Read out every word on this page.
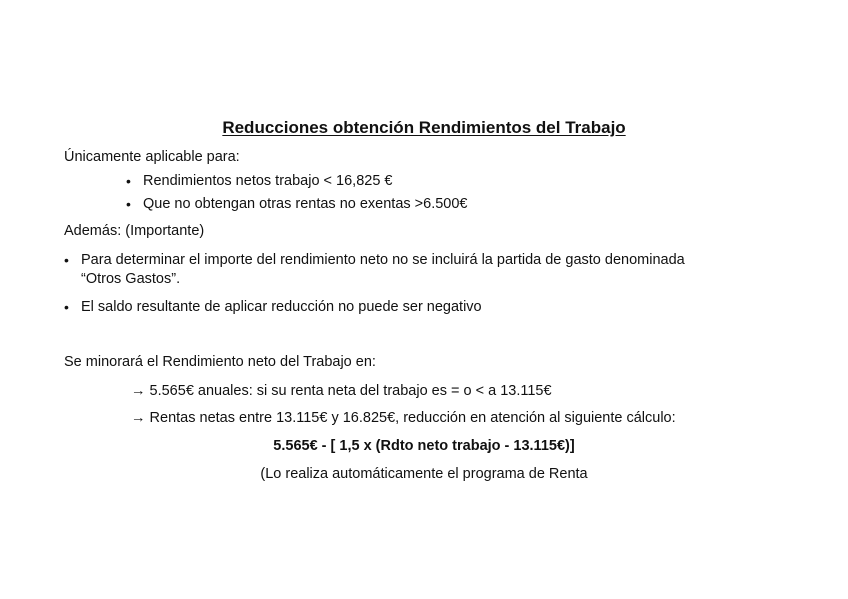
Reducciones obtención Rendimientos del Trabajo
Únicamente aplicable para:
• Rendimientos netos trabajo < 16,825 €
• Que no obtengan otras rentas no exentas >6.500€
Además: (Importante)
• Para determinar el importe del rendimiento neto no se incluirá la partida de gasto denominada
“Otros Gastos”.
• El saldo resultante de aplicar reducción no puede ser negativo
Se minorará el Rendimiento neto del Trabajo en:
→ 5.565€ anuales: si su renta neta del trabajo es = o < a 13.115€
→ Rentas netas entre 13.115€ y 16.825€, reducción en atención al siguiente cálculo:
5.565€ - [ 1,5 x (Rdto neto trabajo - 13.115€)]
(Lo realiza automáticamente el programa de Renta
